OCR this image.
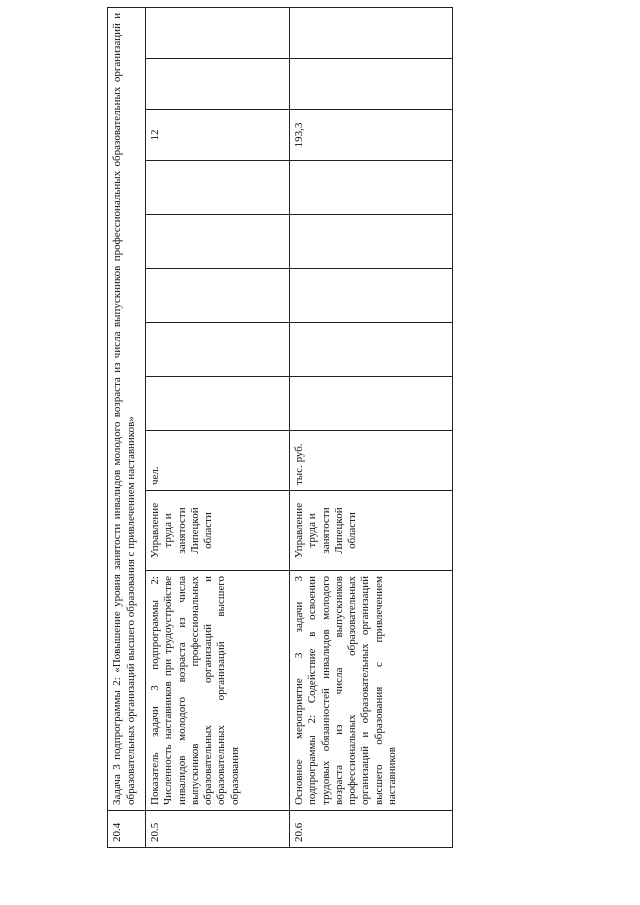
20.4	Задача 3 подпрограммы 2: «Повышение уровня занятости инвалидов молодого возраста из числа выпускников профессиональных образовательных организаций и образовательных организаций высшего образования с привлечением наставников»										
20.5	Показатель задачи 3 подпрограммы 2: Численность наставников при трудоустройстве инвалидов молодого возраста из числа выпускников профессиональных образовательных организаций и образовательных организаций высшего образования	Управление труда и занятости Липецкой области	чел.						12		
20.6	Основное мероприятие 3 задачи 3 подпрограммы 2: Содействие в освоении трудовых обязанностей инвалидов молодого возраста из числа выпускников профессиональных образовательных организаций и образовательных организаций высшего образования с привлечением наставников	Управление труда и занятости Липецкой области	тыс. руб.						193,3		
